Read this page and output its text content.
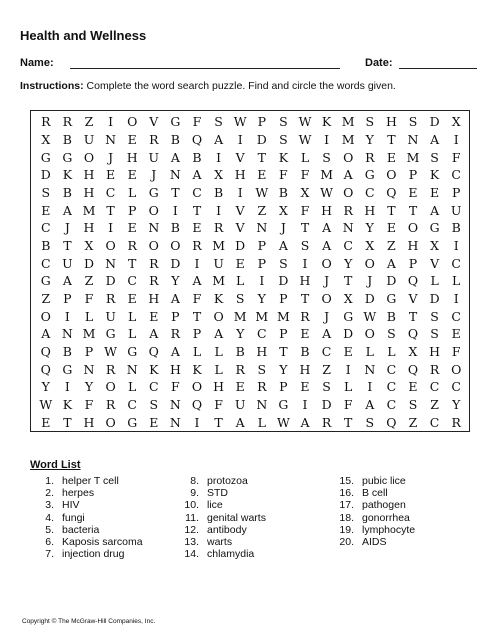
Health and Wellness
Name:	Date:
Instructions: Complete the word search puzzle. Find and circle the words given.
R R	Z	I	O V G F	S W P	S W K M S H S D X
X	B U N E R B Q A	I	D S W	I	M Y	T N A	I
G G O	J	H U A B	I	V	T	K	L	S O R E M S	F
D K H E E	J	N A	X H E	F	F M A G O P	K C
S	B H C	L G T	C B	I	W B	X W O C Q E E	P
E	A M T	P O	I	T	I	V	Z	X	F H R H T	T	A U
C	J	H	I	E N B E R V N	J	T	A N Y	E O G B
B	T	X O R O O R M D P	A	S	A C X	Z H X	I
C U D N T	R D	I	U E	P	S	I	O Y O A	P	V C
G A	Z D C R	Y	A M L	I	D H	J	T	J	D Q L	L
Z	P	F	R E H A	F	K	S	Y	P	T O X D G V D	I
O	I	L U L	E	P	T O M M M R	J	G W B	T	S	C
A N M G L	A R	P	A	Y	C	P	E	A D O S Q S	E
Q B	P W G Q A	L	L	B H T	B C E	L	L	X H F
Q G N R N K H K	L	R	S	Y H Z	I	N C Q R O
Y	I	Y O L	C F O H E R	P	E	S	L	I	C E C C
W K	F	R C	S N Q F U N G	I	D F	A C	S	Z	Y
E	T H O G E N	I	T	A	L W A R	T	S Q Z C R
Word List
1. helper T cell
2. herpes
3. HIV
4. fungi
5. bacteria
6. Kaposis sarcoma
7. injection drug
8. protozoa
9. STD
10. lice
11. genital warts
12. antibody
13. warts
14. chlamydia
15. pubic lice
16. B cell
17. pathogen
18. gonorrhea
19. lymphocyte
20. AIDS
Copyright © The McGraw-Hill Companies, Inc.
